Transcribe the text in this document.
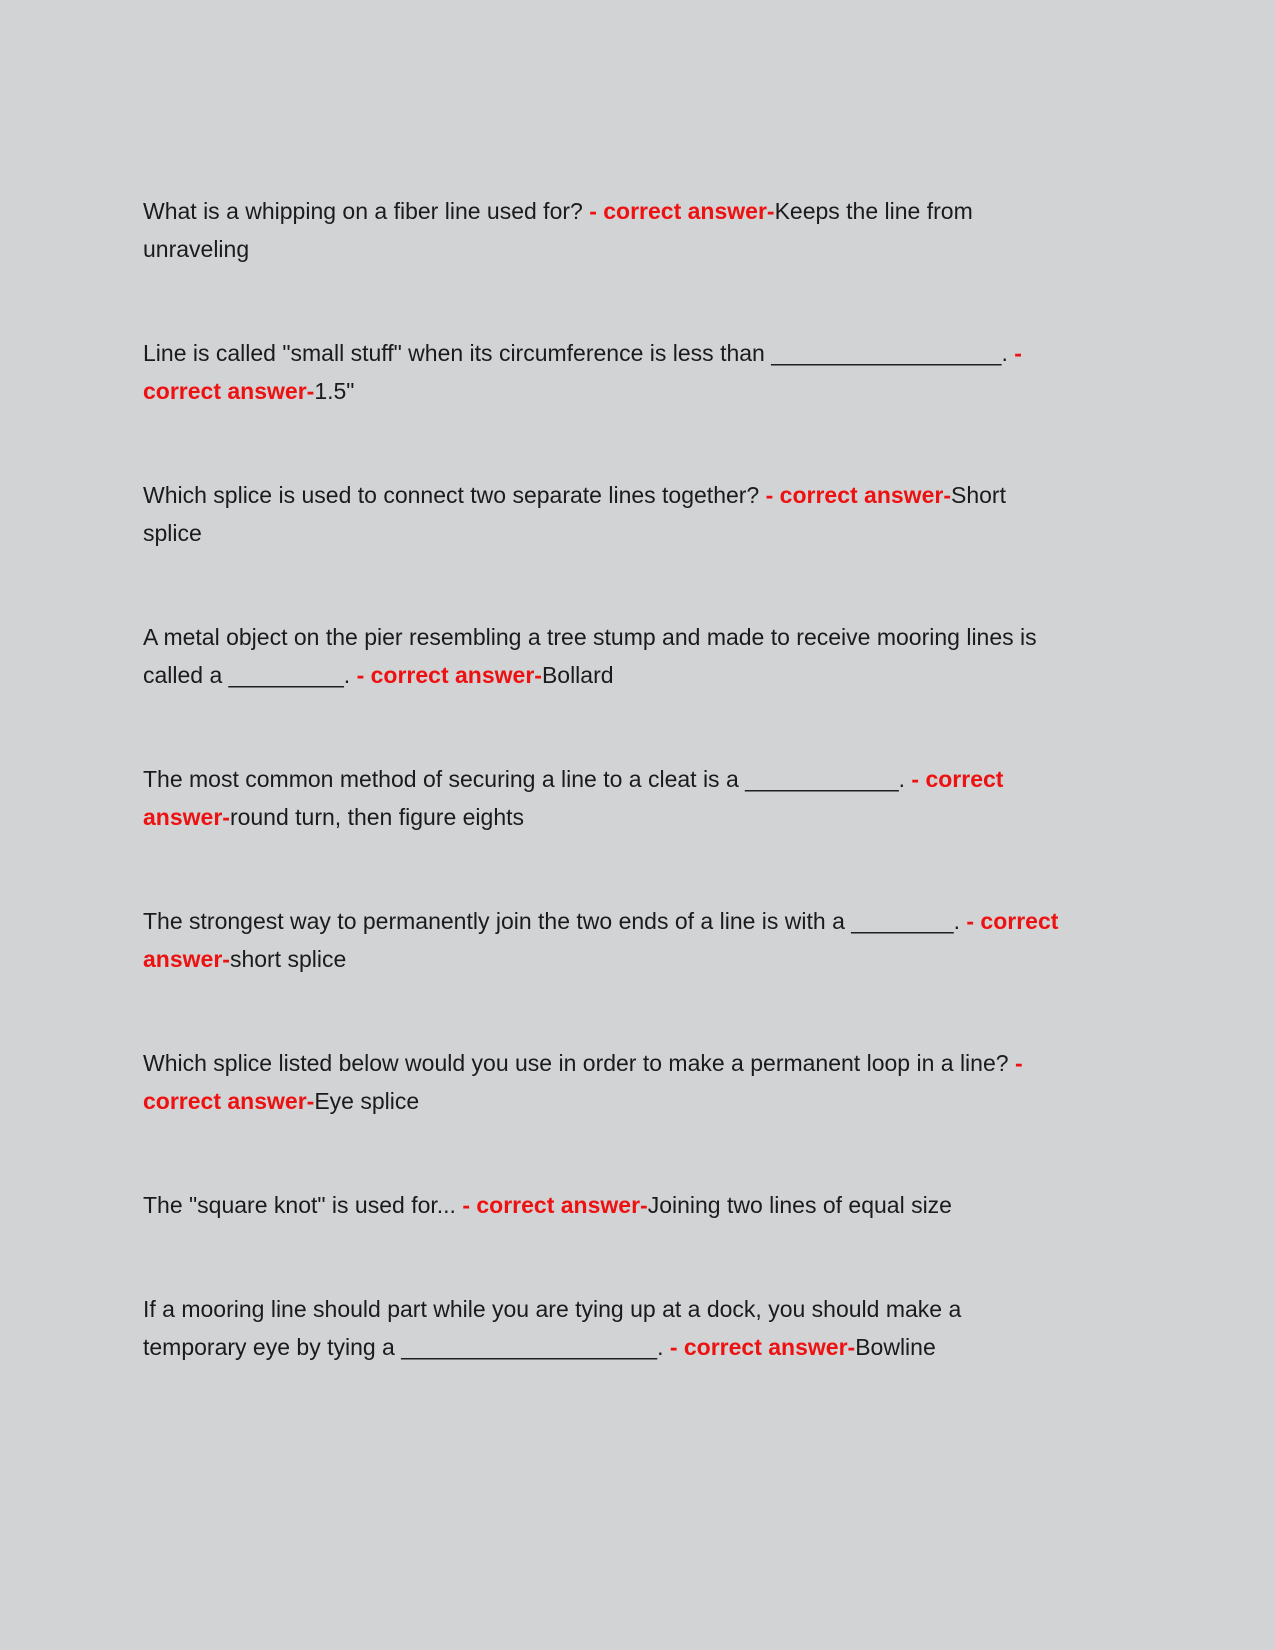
What is a whipping on a fiber line used for? - correct answer-Keeps the line from unraveling

Line is called "small stuff" when its circumference is less than __________________. - correct answer-1.5"

Which splice is used to connect two separate lines together? - correct answer-Short splice

A metal object on the pier resembling a tree stump and made to receive mooring lines is called a _________. - correct answer-Bollard

The most common method of securing a line to a cleat is a ____________. - correct answer-round turn, then figure eights

The strongest way to permanently join the two ends of a line is with a ________. - correct answer-short splice

Which splice listed below would you use in order to make a permanent loop in a line? - correct answer-Eye splice

The "square knot" is used for... - correct answer-Joining two lines of equal size

If a mooring line should part while you are tying up at a dock, you should make a temporary eye by tying a ____________________. - correct answer-Bowline
